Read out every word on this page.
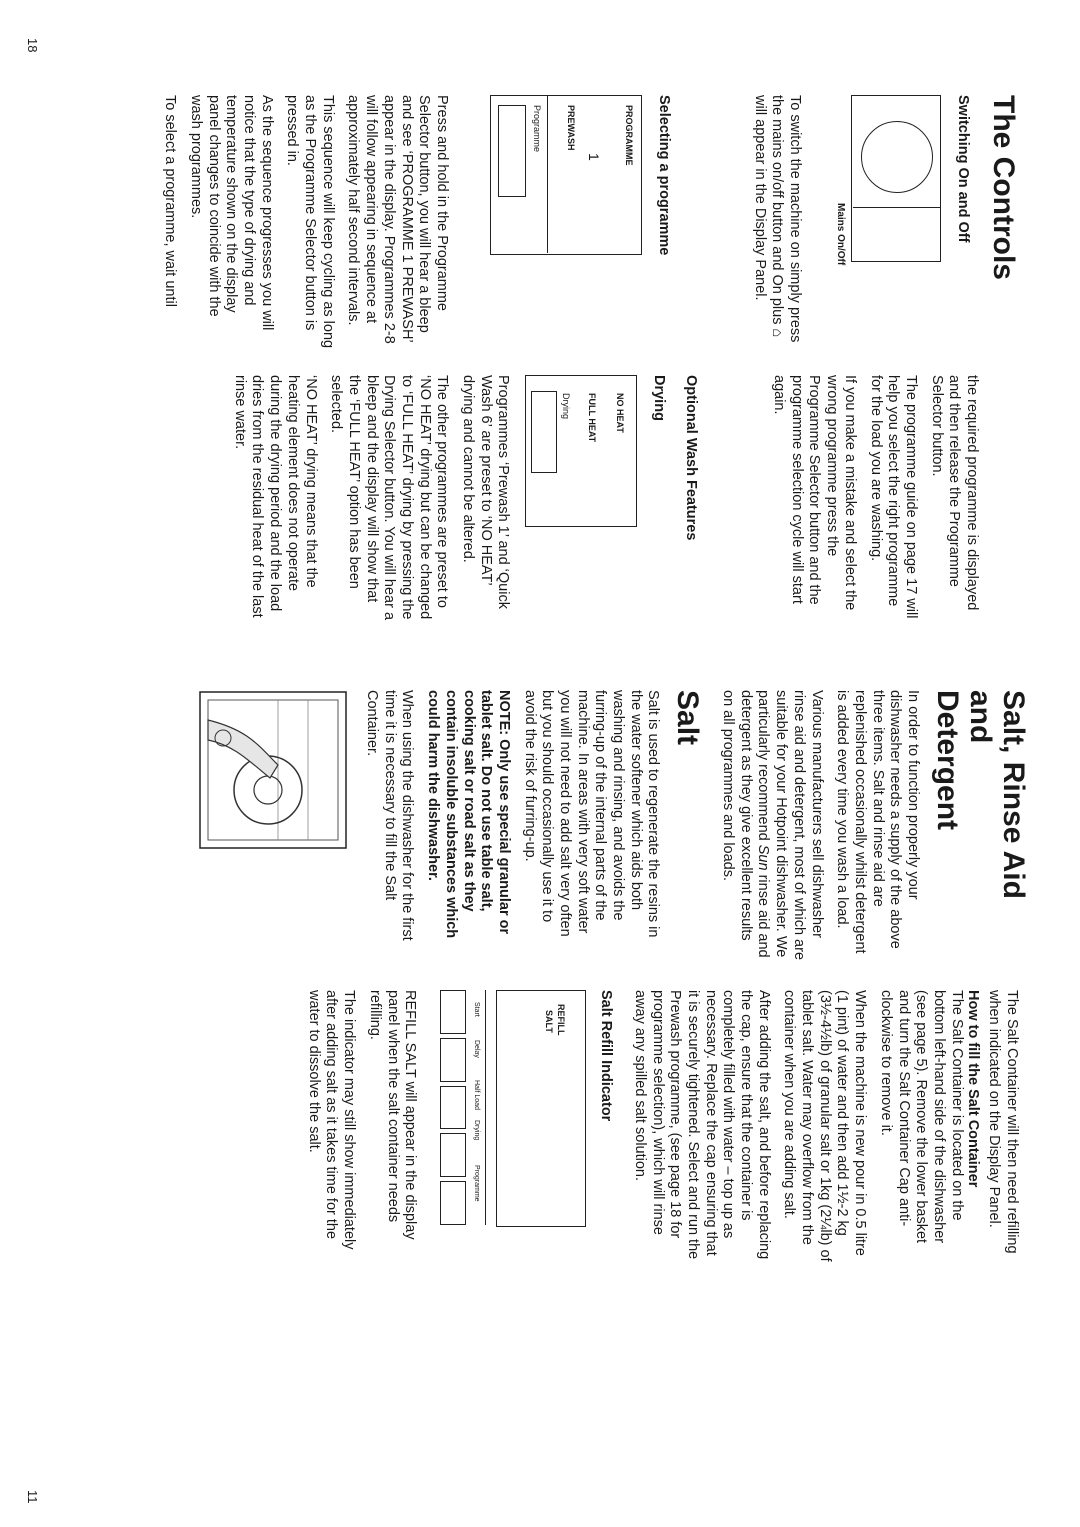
The Controls
Switching On and Off
Mains On/Off

To switch the machine on simply press the mains on/off button and On plus ⌂ will appear in the Display Panel.

Selecting a programme
PROGRAMME
1
PREWASH
Programme

Press and hold in the Programme Selector button, you will hear a bleep and see ‘PROGRAMME 1 PREWASH’ appear in the display. Programmes 2-8 will follow appearing in sequence at approximately half second intervals.

This sequence will keep cycling as long as the Programme Selector button is pressed in.

As the sequence progresses you will notice that the type of drying and temperature shown on the display panel changes to coincide with the wash programmes.

To select a programme, wait until

the required programme is displayed and then release the Programme Selector button.

The programme guide on page 17 will help you select the right programme for the load you are washing.

If you make a mistake and select the wrong programme press the Programme Selector button and the programme selection cycle will start again.

Optional Wash Features
Drying
NO HEAT
FULL HEAT
Drying

Programmes ‘Prewash 1’ and ‘Quick Wash 6’ are preset to ‘NO HEAT’ drying and cannot be altered.

The other programmes are preset to ‘NO HEAT’ drying but can be changed to ‘FULL HEAT’ drying by pressing the Drying Selector button. You will hear a bleep and the display will show that the ‘FULL HEAT’ option has been selected.

‘NO HEAT’ drying means that the heating element does not operate during the drying period and the load dries from the residual heat of the last rinse water.

18
Salt, Rinse Aid and
Detergent

In order to function properly your dishwasher needs a supply of the above three items. Salt and rinse aid are replenished occasionally whilst detergent is added every time you wash a load.

Various manufacturers sell dishwasher rinse aid and detergent, most of which are suitable for your Hotpoint dishwasher. We particularly recommend Sun rinse aid and detergent as they give excellent results on all programmes and loads.

Salt

Salt is used to regenerate the resins in the water softener which aids both washing and rinsing, and avoids the furring-up of the internal parts of the machine. In areas with very soft water you will not need to add salt very often but you should occasionally use it to avoid the risk of furring-up.

NOTE: Only use special granular or tablet salt. Do not use table salt, cooking salt or road salt as they contain insoluble substances which could harm the dishwasher.

When using the dishwasher for the first time it is necessary to fill the Salt Container.

The Salt Container will then need refilling when indicated on the Display Panel.

How to fill the Salt Container

The Salt Container is located on the bottom left-hand side of the dishwasher (see page 5). Remove the lower basket and turn the Salt Container Cap anti-clockwise to remove it.

When the machine is new pour in 0.5 litre (1 pint) of water and then add 1½-2 kg (3½-4½lb) of granular salt or 1kg (2¼lb) of tablet salt. Water may overflow from the container when you are adding salt.

After adding the salt, and before replacing the cap, ensure that the container is completely filled with water – top up as necessary. Replace the cap ensuring that it is securely tightened. Select and run the Prewash programme, (see page 18 for programme selection), which will rinse away any spilled salt solution.

Salt Refill Indicator
REFILL
SALT
Programme
Drying
Half Load
Delay
Start

REFILL SALT will appear in the display panel when the salt container needs refilling.

The indicator may still show immediately after adding salt as it takes time for the water to dissolve the salt.

11
